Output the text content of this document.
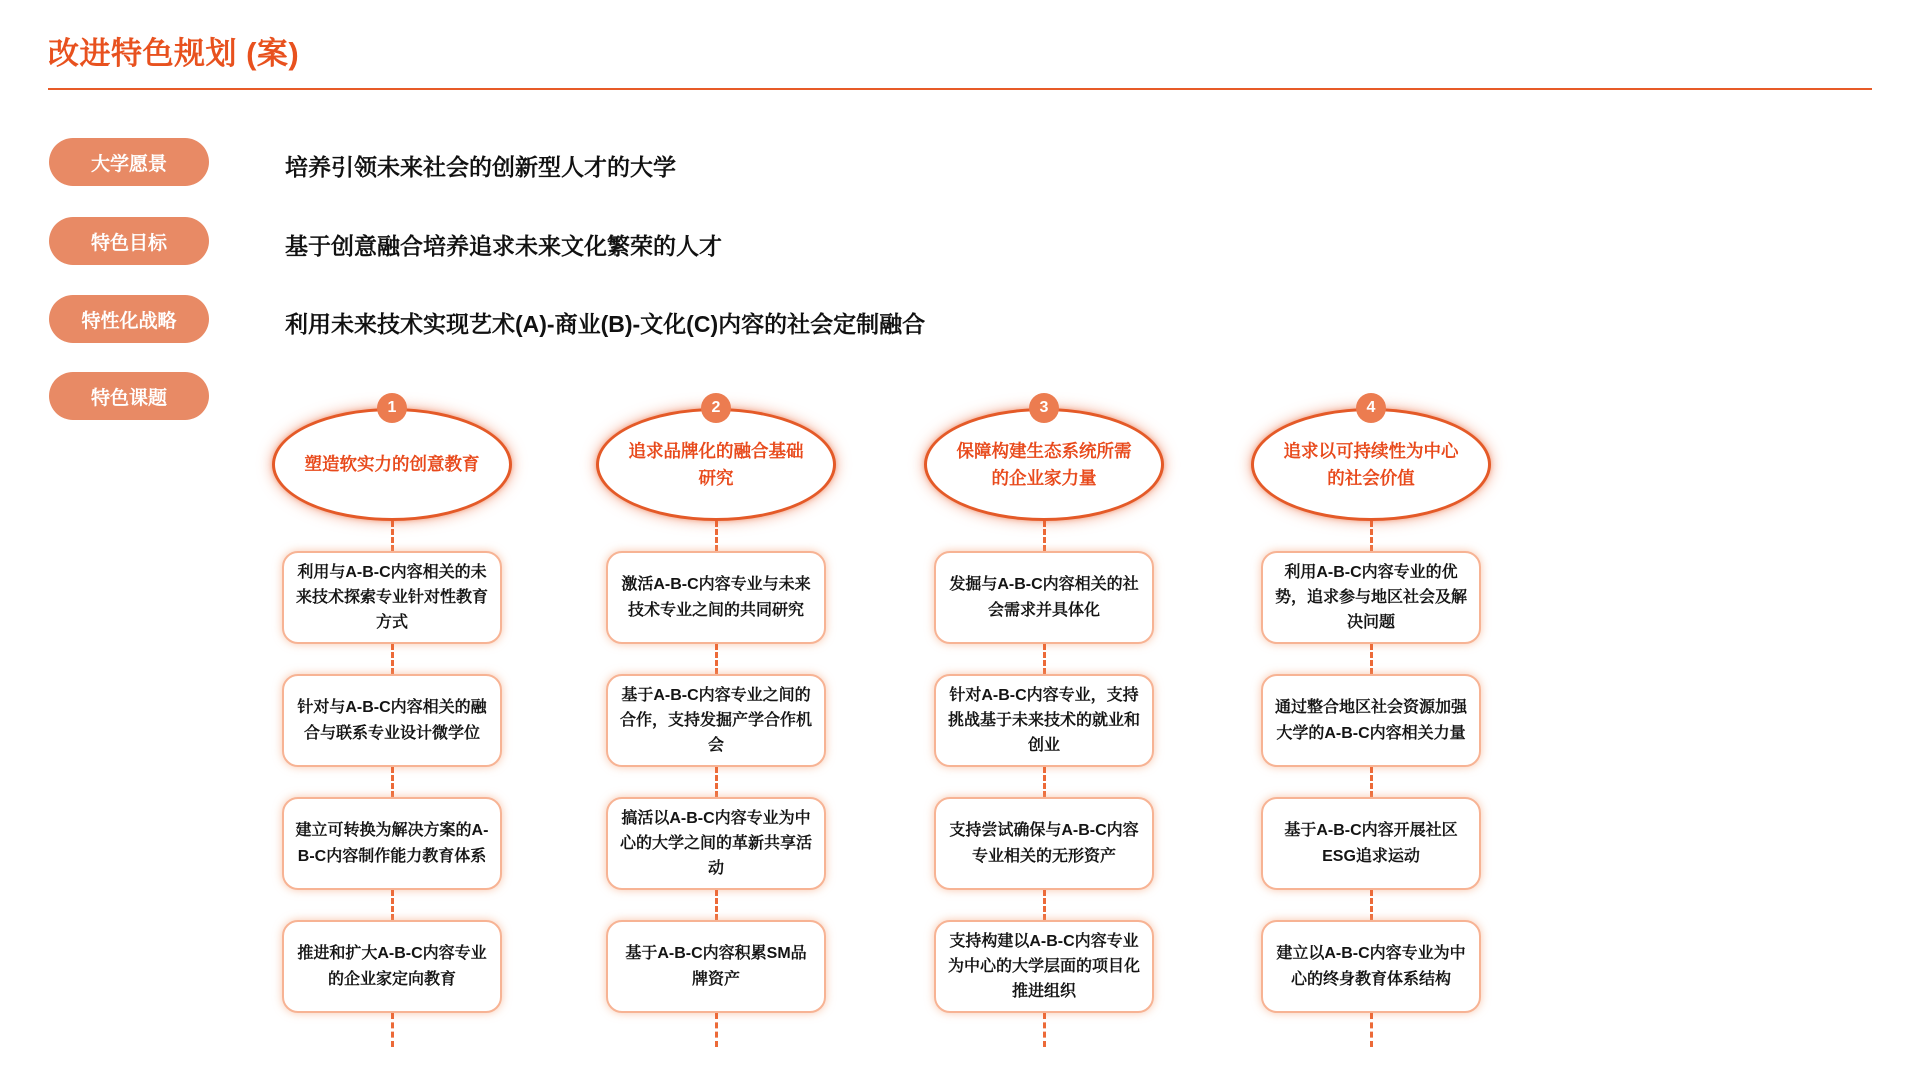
改进特色规划 (案)
大学愿景
特色目标
特性化战略
特色课题
培养引领未来社会的创新型人才的大学
基于创意融合培养追求未来文化繁荣的人才
利用未来技术实现艺术(A)-商业(B)-文化(C)内容的社会定制融合
1
塑造软实力的创意教育
利用与A-B-C内容相关的未来技术探索专业针对性教育方式
针对与A-B-C内容相关的融合与联系专业设计微学位
建立可转换为解决方案的A-B-C内容制作能力教育体系
推进和扩大A-B-C内容专业的企业家定向教育
2
追求品牌化的融合基础研究
激活A-B-C内容专业与未来技术专业之间的共同研究
基于A-B-C内容专业之间的合作，支持发掘产学合作机会
搞活以A-B-C内容专业为中心的大学之间的革新共享活动
基于A-B-C内容积累SM品牌资产
3
保障构建生态系统所需的企业家力量
发掘与A-B-C内容相关的社会需求并具体化
针对A-B-C内容专业，支持挑战基于未来技术的就业和创业
支持尝试确保与A-B-C内容专业相关的无形资产
支持构建以A-B-C内容专业为中心的大学层面的项目化推进组织
4
追求以可持续性为中心的社会价值
利用A-B-C内容专业的优势，追求参与地区社会及解决问题
通过整合地区社会资源加强大学的A-B-C内容相关力量
基于A-B-C内容开展社区ESG追求运动
建立以A-B-C内容专业为中心的终身教育体系结构
